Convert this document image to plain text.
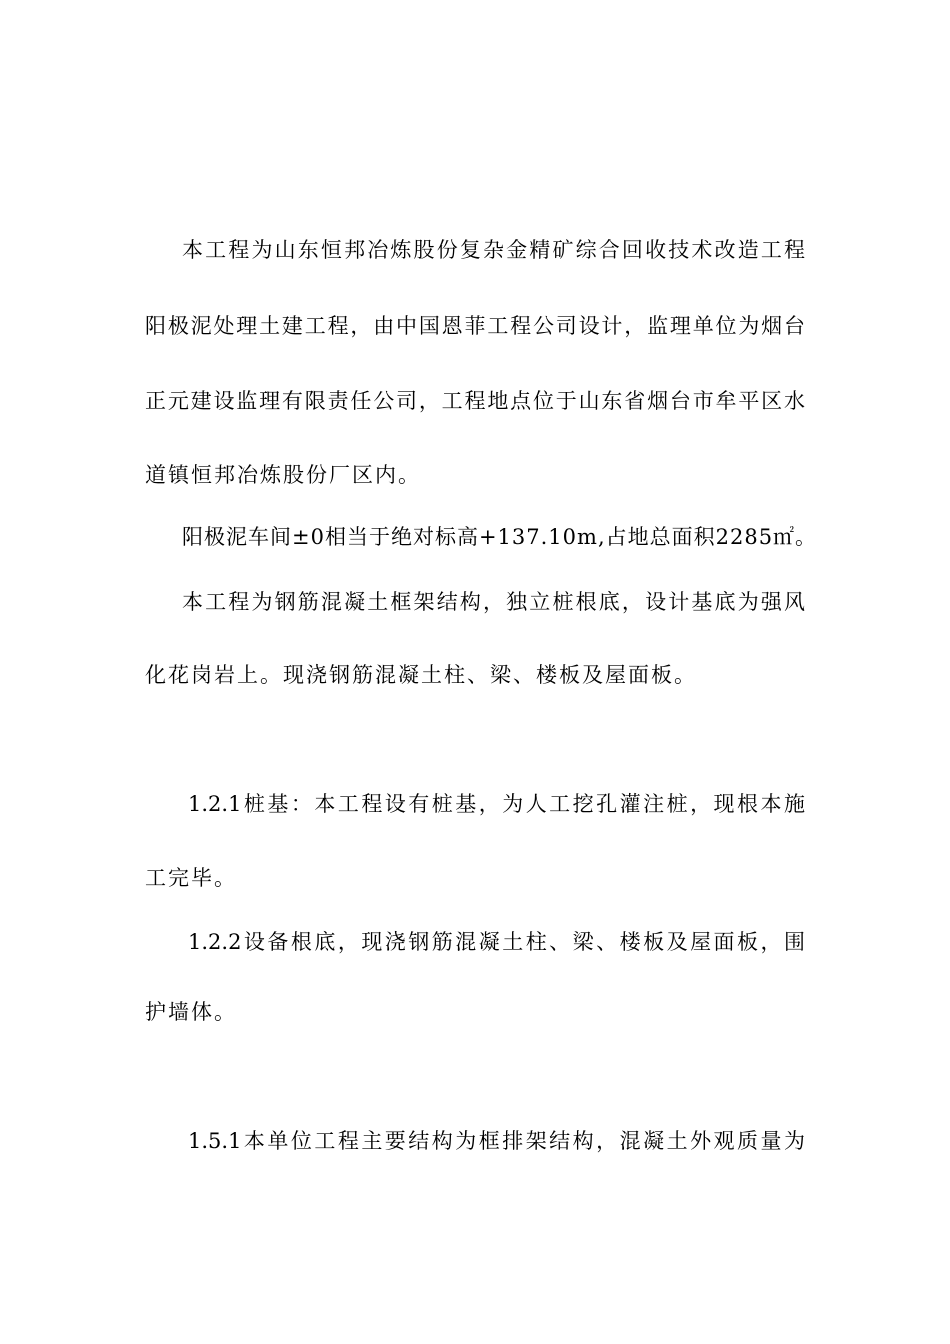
本工程为山东恒邦冶炼股份复杂金精矿综合回收技术改造工程
阳极泥处理土建工程，由中国恩菲工程公司设计，监理单位为烟台
正元建设监理有限责任公司，工程地点位于山东省烟台市牟平区水
道镇恒邦冶炼股份厂区内。
阳极泥车间±0相当于绝对标高+137.10m,占地总面积2285㎡。
本工程为钢筋混凝土框架结构，独立桩根底，设计基底为强风
化花岗岩上。现浇钢筋混凝土柱、梁、楼板及屋面板。
1.2.1桩基：本工程设有桩基，为人工挖孔灌注桩，现根本施
工完毕。
1.2.2设备根底，现浇钢筋混凝土柱、梁、楼板及屋面板，围
护墙体。
1.5.1本单位工程主要结构为框排架结构，混凝土外观质量为
